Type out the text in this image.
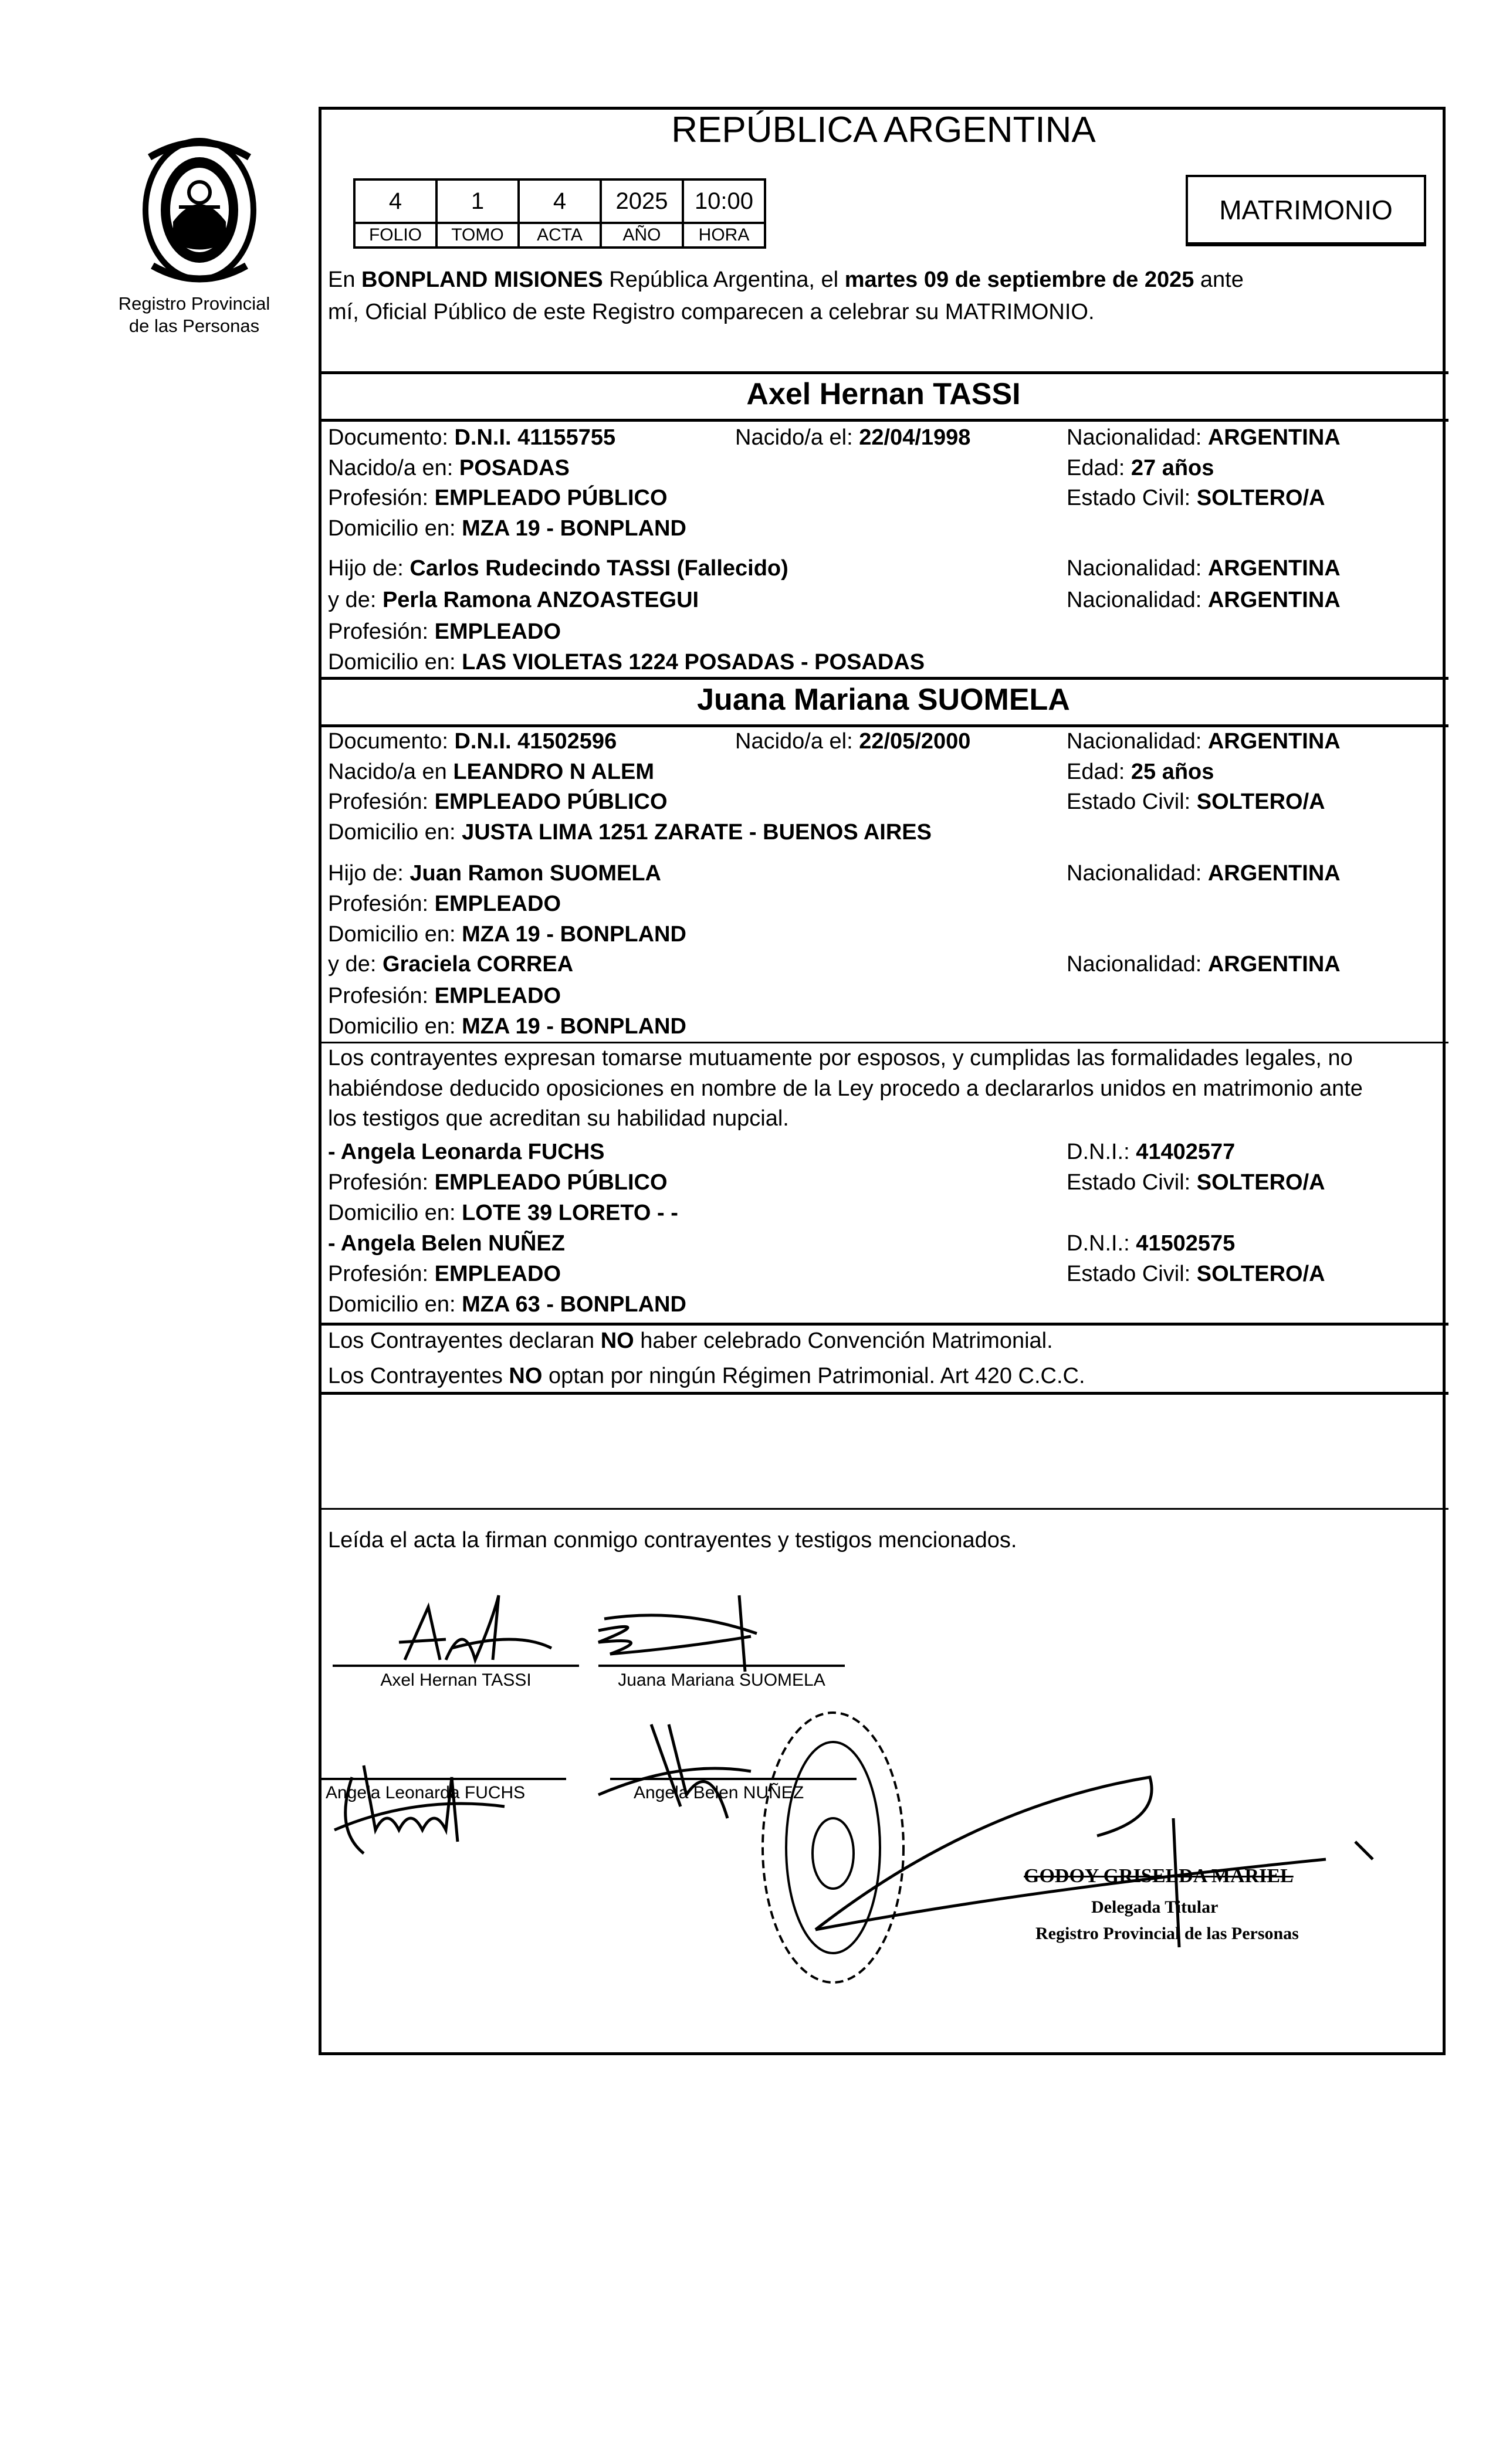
Registro Provincial
de las Personas
REPÚBLICA ARGENTINA
4	1	4	2025	10:00
FOLIO	TOMO	ACTA	AÑO	HORA
MATRIMONIO
En BONPLAND MISIONES República Argentina, el martes 09 de septiembre de 2025 ante
mí, Oficial Público de este Registro comparecen a celebrar su MATRIMONIO.
Axel Hernan TASSI
Documento: D.N.I. 41155755	Nacido/a el: 22/04/1998	Nacionalidad: ARGENTINA
Nacido/a en: POSADAS	Edad: 27 años
Profesión: EMPLEADO PÚBLICO	Estado Civil: SOLTERO/A
Domicilio en: MZA 19 - BONPLAND
Hijo de: Carlos Rudecindo TASSI (Fallecido)	Nacionalidad: ARGENTINA
y de: Perla Ramona ANZOASTEGUI	Nacionalidad: ARGENTINA
Profesión: EMPLEADO
Domicilio en: LAS VIOLETAS 1224 POSADAS - POSADAS
Juana Mariana SUOMELA
Documento: D.N.I. 41502596	Nacido/a el: 22/05/2000	Nacionalidad: ARGENTINA
Nacido/a en LEANDRO N ALEM	Edad: 25 años
Profesión: EMPLEADO PÚBLICO	Estado Civil: SOLTERO/A
Domicilio en: JUSTA LIMA 1251 ZARATE - BUENOS AIRES
Hijo de: Juan Ramon SUOMELA	Nacionalidad: ARGENTINA
Profesión: EMPLEADO
Domicilio en: MZA 19 - BONPLAND
y de: Graciela CORREA	Nacionalidad: ARGENTINA
Profesión: EMPLEADO
Domicilio en: MZA 19 - BONPLAND
Los contrayentes expresan tomarse mutuamente por esposos, y cumplidas las formalidades legales, no
habiéndose deducido oposiciones en nombre de la Ley procedo a declararlos unidos en matrimonio ante
los testigos que acreditan su habilidad nupcial.
- Angela Leonarda FUCHS	D.N.I.: 41402577
Profesión: EMPLEADO PÚBLICO	Estado Civil: SOLTERO/A
Domicilio en: LOTE 39 LORETO - -
- Angela Belen NUÑEZ	D.N.I.: 41502575
Profesión: EMPLEADO	Estado Civil: SOLTERO/A
Domicilio en: MZA 63 - BONPLAND
Los Contrayentes declaran NO haber celebrado Convención Matrimonial.
Los Contrayentes NO optan por ningún Régimen Patrimonial. Art 420 C.C.C.
Leída el acta la firman conmigo contrayentes y testigos mencionados.
Axel Hernan TASSI	Juana Mariana SUOMELA
Angela Leonarda FUCHS	Angela Belen NUÑEZ
GODOY GRISELDA MARIEL
Delegada Titular
Registro Provincial de las Personas
